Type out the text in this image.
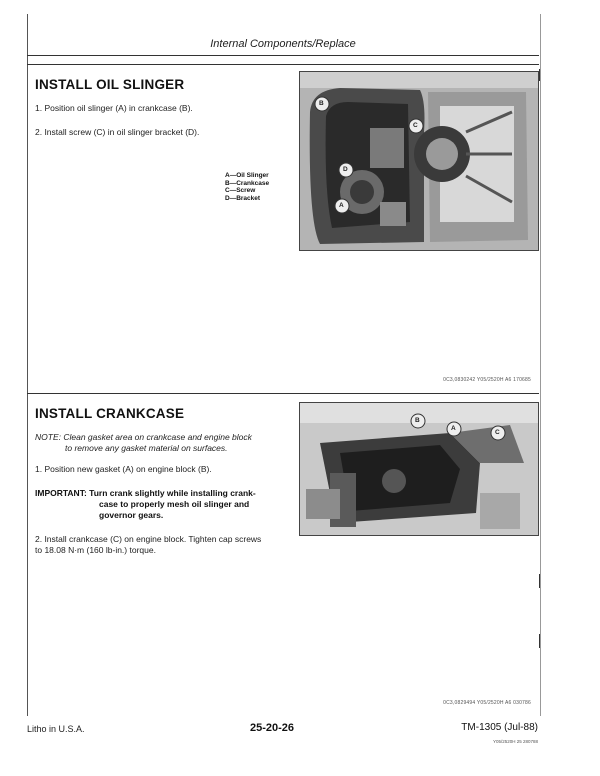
Internal Components/Replace
INSTALL OIL SLINGER
1. Position oil slinger (A) in crankcase (B).
2. Install screw (C) in oil slinger bracket (D).
A—Oil Slinger
B—Crankcase
C—Screw
D—Bracket
B
C
D
A
0C3,0830242 Y05/2520H A6 170685
INSTALL CRANKCASE
NOTE: Clean gasket area on crankcase and engine block
to remove any gasket material on surfaces.
1. Position new gasket (A) on engine block (B).
IMPORTANT: Turn crank slightly while installing crank-
case to properly mesh oil slinger and
governor gears.
2. Install crankcase (C) on engine block. Tighten cap screws
to 18.08 N·m (160 lb-in.) torque.
B
A
C
0C3,0829494 Y05/2520H A6 030786
Litho in U.S.A.	25-20-26	TM-1305 (Jul-88)
Y05/2520H 25 280788
